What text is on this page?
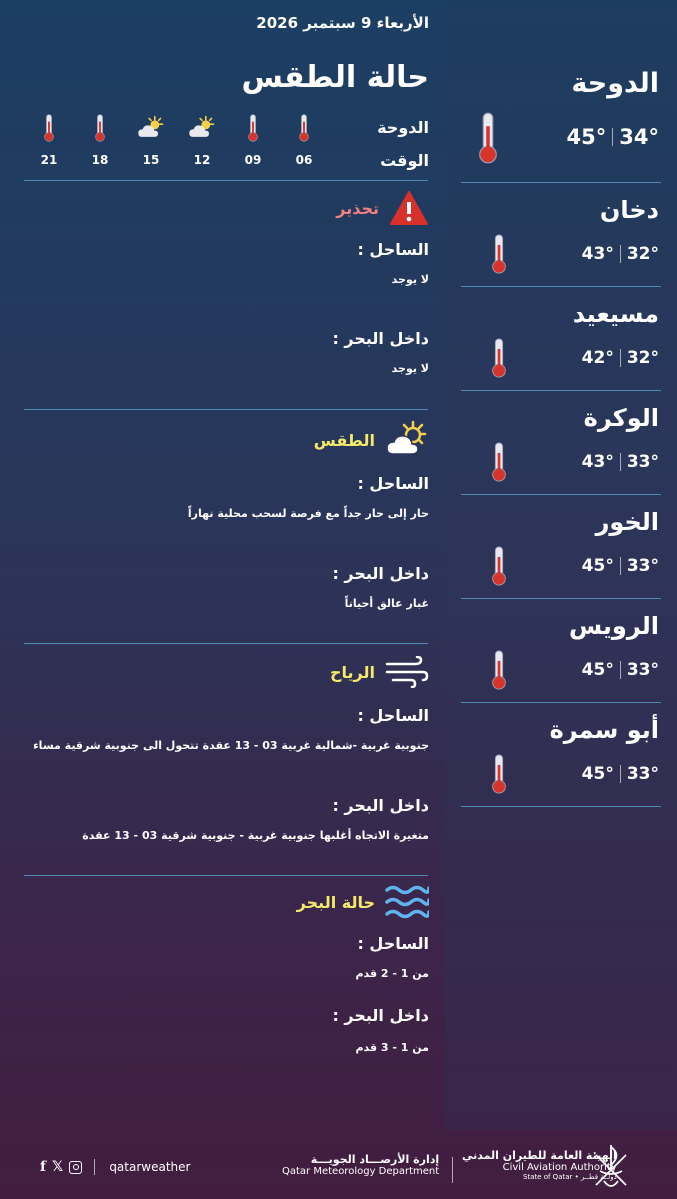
الدوحة
45° 34°
دخان
43° 32°
مسيعيد
42° 32°
الوكرة
43° 33°
الخور
45° 33°
الرويس
45° 33°
أبو سمرة
45° 33°
الأربعاء 9 سبتمبر 2026
حالة الطقس
الدوحة
الوقت
06
09
12
15
18
21
تحذير
الساحل :
لا يوجد
داخل البحر :
لا يوجد
الطقس
الساحل :
حار إلى حار جداً مع فرصة لسحب محلية نهاراً
داخل البحر :
غبار عالق أحياناً
الرياح
الساحل :
جنوبية غربية -شمالية غربية 03 - 13 عقدة تتحول الى جنوبية شرقية مساء
داخل البحر :
متغيرة الاتجاه أغلبها جنوبية غربية - جنوبية شرقية 03 - 13 عقدة
حالة البحر
الساحل :
من 1 - 2 قدم
داخل البحر :
من 1 - 3 قدم
f 𝕏	qatarweather
إدارة الأرصـــاد الجويـــة
Qatar Meteorology Department
الهيئة العامة للطيران المدني
Civil Aviation Authority
State of Qatar • دولــة قطــر
